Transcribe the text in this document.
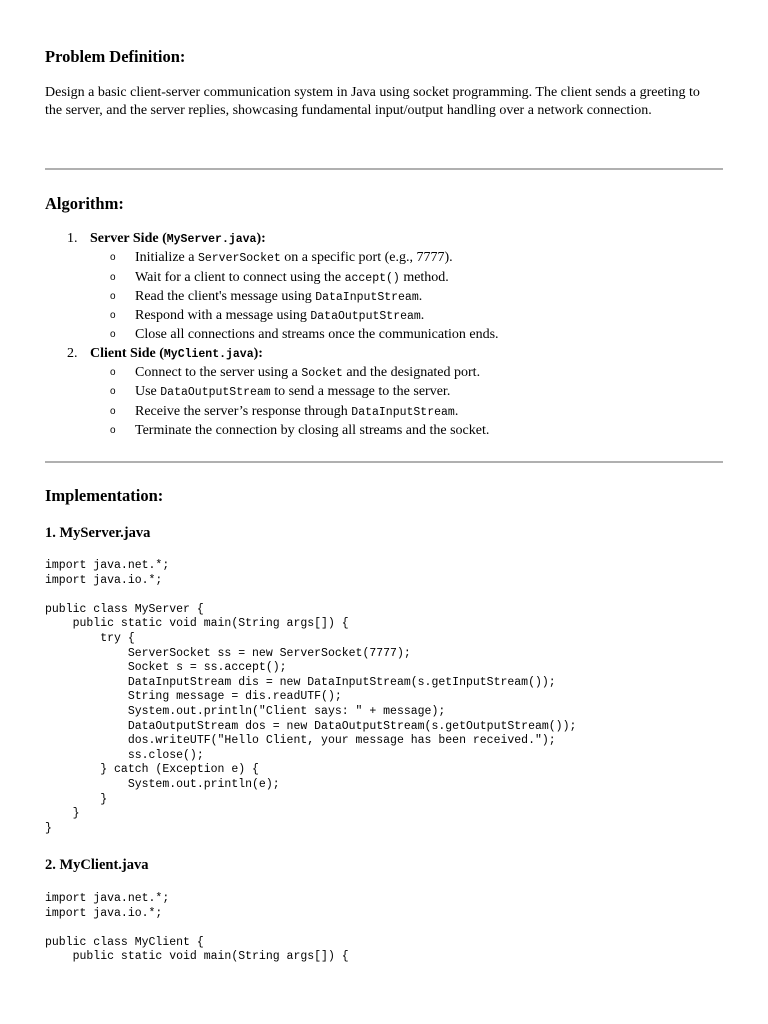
Problem Definition:

Design a basic client-server communication system in Java using socket programming. The client sends a greeting to the server, and the server replies, showcasing fundamental input/output handling over a network connection.

Algorithm:
1. Server Side (MyServer.java):
o Initialize a ServerSocket on a specific port (e.g., 7777).
o Wait for a client to connect using the accept() method.
o Read the client's message using DataInputStream.
o Respond with a message using DataOutputStream.
o Close all connections and streams once the communication ends.
2. Client Side (MyClient.java):
o Connect to the server using a Socket and the designated port.
o Use DataOutputStream to send a message to the server.
o Receive the server’s response through DataInputStream.
o Terminate the connection by closing all streams and the socket.
Implementation:
1. MyServer.java
import java.net.*;
import java.io.*;

public class MyServer {
public static void main(String args[]) {
try {
ServerSocket ss = new ServerSocket(7777);
Socket s = ss.accept();
DataInputStream dis = new DataInputStream(s.getInputStream());
String message = dis.readUTF();
System.out.println("Client says: " + message);
DataOutputStream dos = new DataOutputStream(s.getOutputStream());
dos.writeUTF("Hello Client, your message has been received.");
ss.close();
} catch (Exception e) {
System.out.println(e);
}
}
}
2. MyClient.java
import java.net.*;
import java.io.*;

public class MyClient {
public static void main(String args[]) {
